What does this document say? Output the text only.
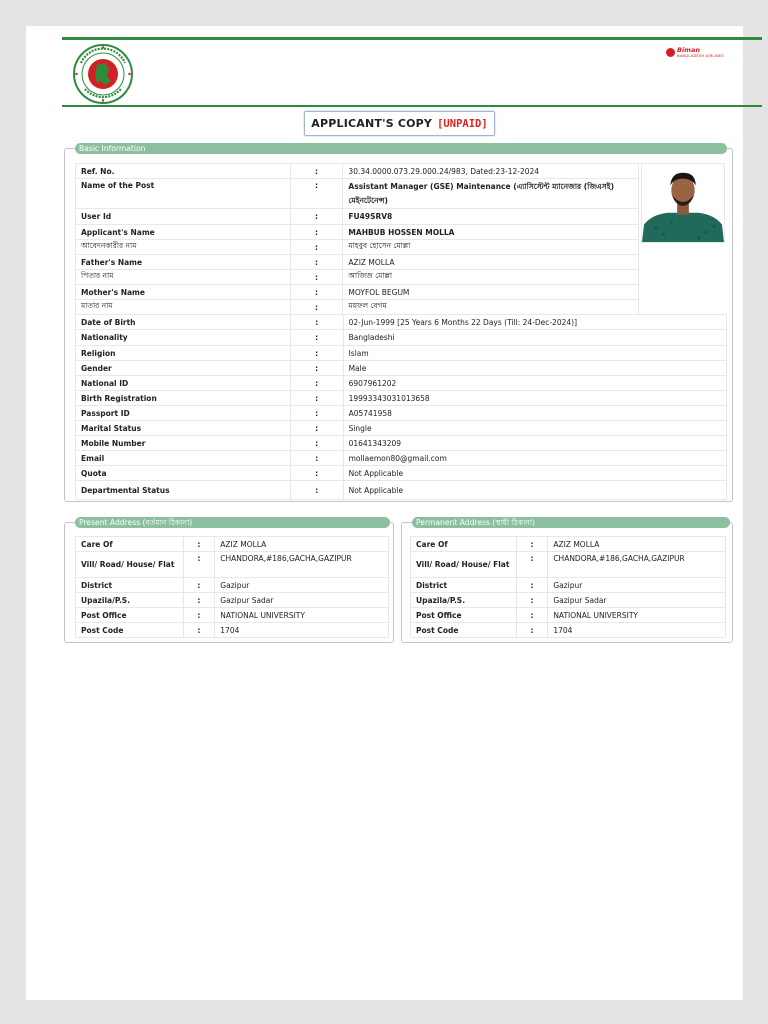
Biman
BANGLADESH AIRLINES
APPLICANT'S COPY [UNPAID]
Basic Information
Ref. No.	:	30.34.0000.073.29.000.24/983, Dated:23-12-2024
Name of the Post	:	Assistant Manager (GSE) Maintenance (এ্যাসিস্টেন্ট ম্যানেজার (জিএসই) মেইনটেনেন্স)
User Id	:	FU49SRV8
Applicant's Name	:	MAHBUB HOSSEN MOLLA
আবেদনকারীর নাম	:	মাহবুব হোসেন মোল্লা
Father's Name	:	AZIZ MOLLA
পিতার নাম	:	আজিজ মোল্লা
Mother's Name	:	MOYFOL BEGUM
মাতার নাম	:	ময়ফল বেগম
Date of Birth	:	02-Jun-1999 [25 Years 6 Months 22 Days (Till: 24-Dec-2024)]
Nationality	:	Bangladeshi
Religion	:	Islam
Gender	:	Male
National ID	:	6907961202
Birth Registration	:	19993343031013658
Passport ID	:	A05741958
Marital Status	:	Single
Mobile Number	:	01641343209
Email	:	mollaemon80@gmail.com
Quota	:	Not Applicable
Departmental Status	:	Not Applicable
Present Address (বর্তমান ঠিকানা)
Care Of	:	AZIZ MOLLA
Vill/ Road/ House/ Flat	:	CHANDORA,#186,GACHA,GAZIPUR
District	:	Gazipur
Upazila/P.S.	:	Gazipur Sadar
Post Office	:	NATIONAL UNIVERSITY
Post Code	:	1704
Permanent Address (স্থায়ী ঠিকানা)
Care Of	:	AZIZ MOLLA
Vill/ Road/ House/ Flat	:	CHANDORA,#186,GACHA,GAZIPUR
District	:	Gazipur
Upazila/P.S.	:	Gazipur Sadar
Post Office	:	NATIONAL UNIVERSITY
Post Code	:	1704
